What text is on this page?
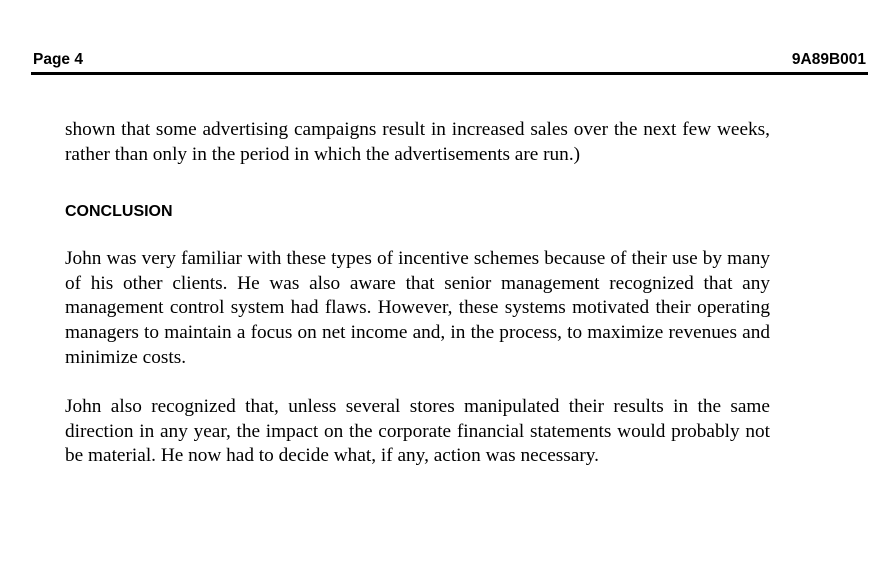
Page 4	9A89B001

shown that some advertising campaigns result in increased sales over the next few weeks, rather than only in the period in which the advertisements are run.)

CONCLUSION

John was very familiar with these types of incentive schemes because of their use by many of his other clients. He was also aware that senior management recognized that any management control system had flaws. However, these systems motivated their operating managers to maintain a focus on net income and, in the process, to maximize revenues and minimize costs.

John also recognized that, unless several stores manipulated their results in the same direction in any year, the impact on the corporate financial statements would probably not be material. He now had to decide what, if any, action was necessary.
